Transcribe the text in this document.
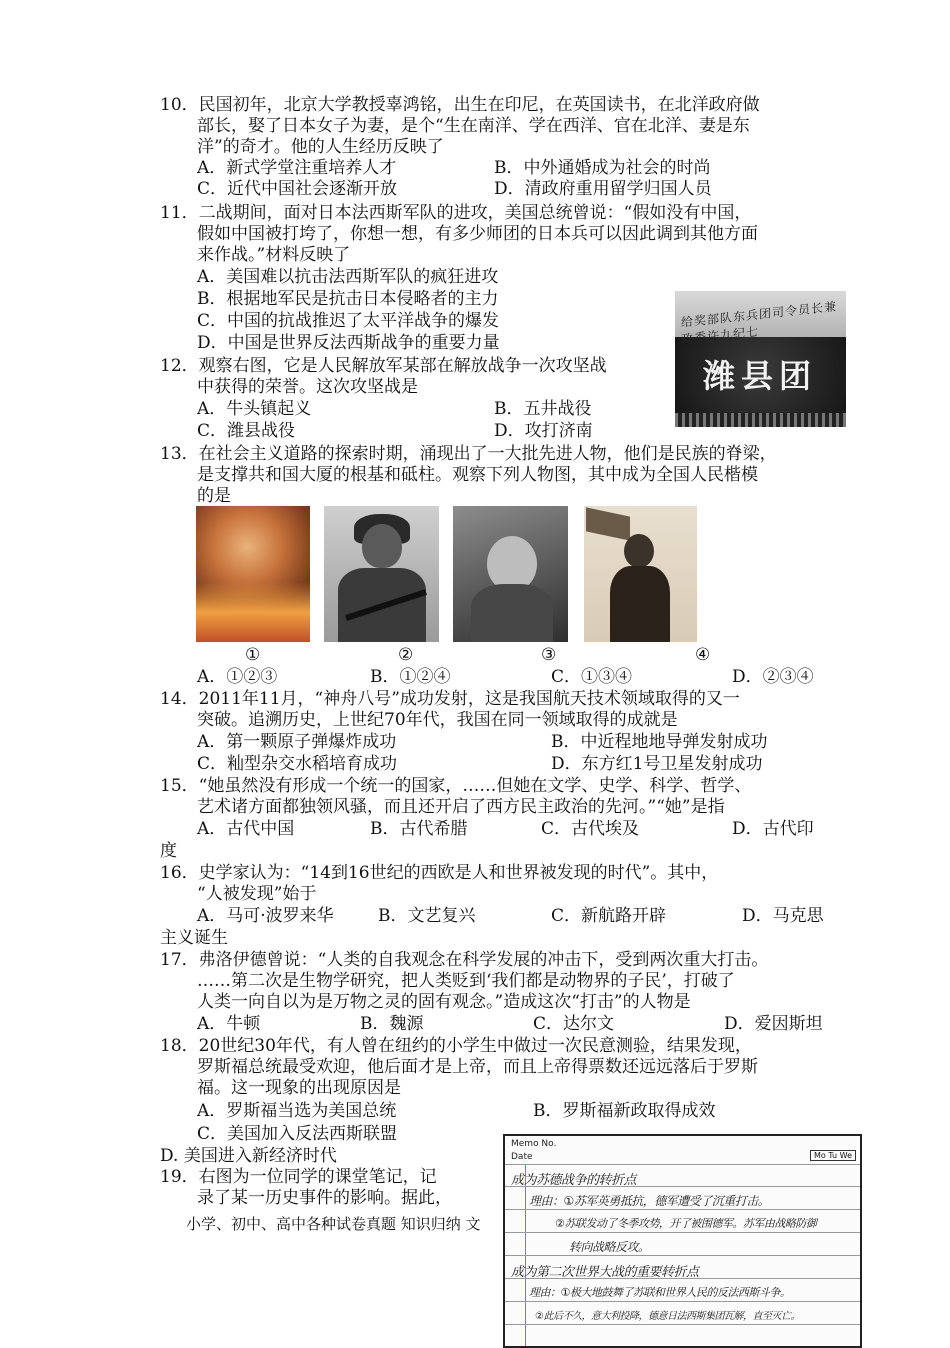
10．民国初年，北京大学教授辜鸿铭，出生在印尼，在英国读书，在北洋政府做
部长，娶了日本女子为妻，是个“生在南洋、学在西洋、官在北洋、妻是东
洋”的奇才。他的人生经历反映了
A．新式学堂注重培养人才	B．中外通婚成为社会的时尚
C．近代中国社会逐渐开放	D．清政府重用留学归国人员
11．二战期间，面对日本法西斯军队的进攻，美国总统曾说：“假如没有中国，
假如中国被打垮了，你想一想，有多少师团的日本兵可以因此调到其他方面
来作战。”材料反映了
A．美国难以抗击法西斯军队的疯狂进攻
B．根据地军民是抗击日本侵略者的主力
C．中国的抗战推迟了太平洋战争的爆发
D．中国是世界反法西斯战争的重要力量
给奖部队东兵团司令员长兼政委许九纪七
潍县团
12．观察右图，它是人民解放军某部在解放战争一次攻坚战
中获得的荣誉。这次攻坚战是
A．牛头镇起义	B．五井战役
C．潍县战役	D．攻打济南
13．在社会主义道路的探索时期，涌现出了一大批先进人物，他们是民族的脊梁，
是支撑共和国大厦的根基和砥柱。观察下列人物图，其中成为全国人民楷模
的是
①	②	③	④
A．①②③	B．①②④	C．①③④	D．②③④
14．2011年11月，“神舟八号”成功发射，这是我国航天技术领域取得的又一
突破。追溯历史，上世纪70年代，我国在同一领域取得的成就是
A．第一颗原子弹爆炸成功	B．中近程地地导弹发射成功
C．籼型杂交水稻培育成功	D．东方红1号卫星发射成功
15．“她虽然没有形成一个统一的国家，……但她在文学、史学、科学、哲学、
艺术诸方面都独领风骚，而且还开启了西方民主政治的先河。”“她”是指
A．古代中国	B．古代希腊	C．古代埃及	D．古代印
度
16．史学家认为：“14到16世纪的西欧是人和世界被发现的时代”。其中，
“人被发现”始于
A．马可·波罗来华	B．文艺复兴	C．新航路开辟	D．马克思
主义诞生
17．弗洛伊德曾说：“人类的自我观念在科学发展的冲击下，受到两次重大打击。
……第二次是生物学研究，把人类贬到‘我们都是动物界的子民’，打破了
人类一向自以为是万物之灵的固有观念。”造成这次“打击”的人物是
A．牛顿	B．魏源	C．达尔文	D．爱因斯坦
18．20世纪30年代，有人曾在纽约的小学生中做过一次民意测验，结果发现，
罗斯福总统最受欢迎，他后面才是上帝，而且上帝得票数还远远落后于罗斯
福。这一现象的出现原因是
A．罗斯福当选为美国总统	B．罗斯福新政取得成效
C．美国加入反法西斯联盟
D. 美国进入新经济时代
19．右图为一位同学的课堂笔记，记
录了某一历史事件的影响。据此，
小学、初中、高中各种试卷真题 知识归纳 文
Memo No.
Date	Mo Tu We
成为苏德战争的转折点
理由：①苏军英勇抵抗，德军遭受了沉重打击。
②苏联发动了冬季攻势，开了被围德军。苏军由战略防御
转向战略反攻。
成为第二次世界大战的重要转折点
理由：①极大地鼓舞了苏联和世界人民的反法西斯斗争。
②此后不久，意大利投降，德意日法西斯集团瓦解，直至灭亡。
